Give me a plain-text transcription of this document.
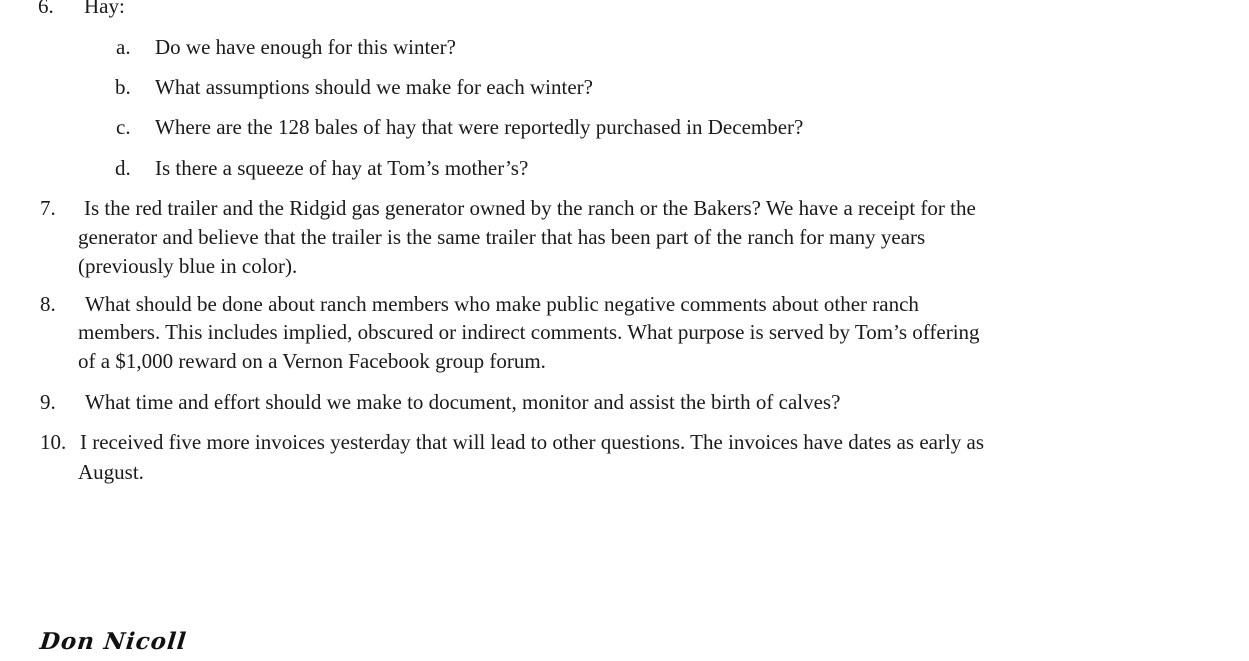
6. Hay:
a. Do we have enough for this winter?
b. What assumptions should we make for each winter?
c. Where are the 128 bales of hay that were reportedly purchased in December?
d. Is there a squeeze of hay at Tom’s mother’s?
7. Is the red trailer and the Ridgid gas generator owned by the ranch or the Bakers? We have a receipt for the
generator and believe that the trailer is the same trailer that has been part of the ranch for many years
(previously blue in color).
8. What should be done about ranch members who make public negative comments about other ranch
members. This includes implied, obscured or indirect comments. What purpose is served by Tom’s offering
of a $1,000 reward on a Vernon Facebook group forum.
9. What time and effort should we make to document, monitor and assist the birth of calves?
10. I received five more invoices yesterday that will lead to other questions. The invoices have dates as early as
August.
Don Nicoll
